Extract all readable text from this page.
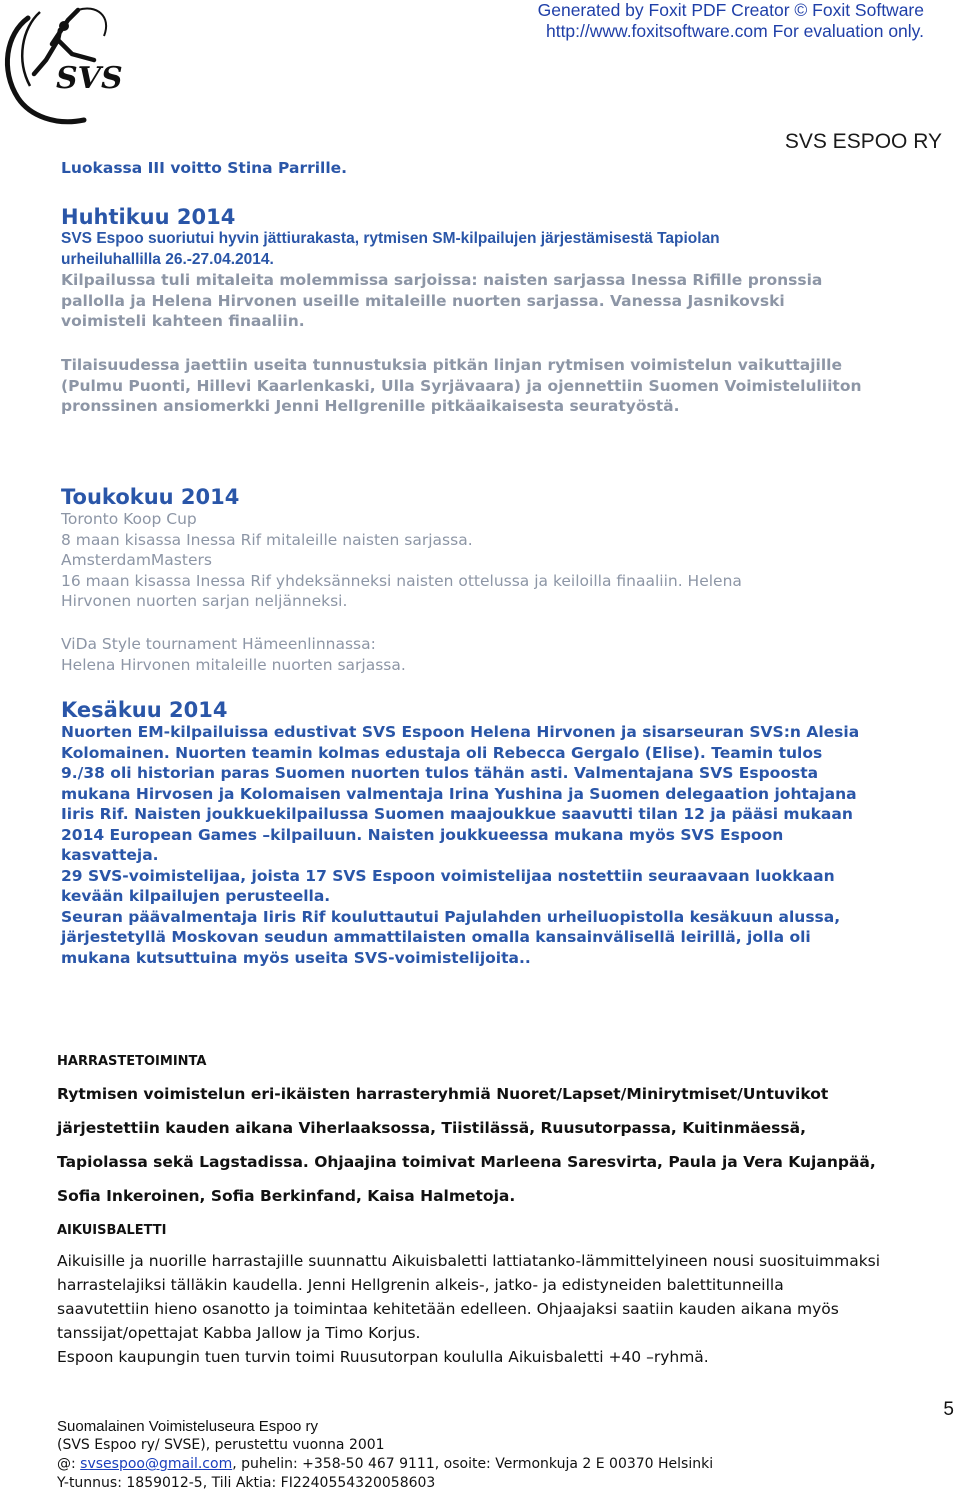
Generated by Foxit PDF Creator © Foxit Software
http://www.foxitsoftware.com For evaluation only.
SVS
SVS ESPOO RY

Luokassa III voitto Stina Parrille.

Huhtikuu 2014

SVS Espoo suoriutui hyvin jättiurakasta, rytmisen SM-kilpailujen järjestämisestä Tapiolan

urheiluhallilla 26.-27.04.2014.

Kilpailussa tuli mitaleita molemmissa sarjoissa: naisten sarjassa Inessa Rifille pronssia

pallolla ja Helena Hirvonen useille mitaleille nuorten sarjassa. Vanessa Jasnikovski

voimisteli kahteen finaaliin.

Tilaisuudessa jaettiin useita tunnustuksia pitkän linjan rytmisen voimistelun vaikuttajille

(Pulmu Puonti, Hillevi Kaarlenkaski, Ulla Syrjävaara) ja ojennettiin Suomen Voimisteluliiton

pronssinen ansiomerkki Jenni Hellgrenille pitkäaikaisesta seuratyöstä.

Toukokuu 2014

Toronto Koop Cup

8 maan kisassa Inessa Rif mitaleille naisten sarjassa.

AmsterdamMasters

16 maan kisassa Inessa Rif yhdeksänneksi naisten ottelussa ja keiloilla finaaliin. Helena

Hirvonen nuorten sarjan neljänneksi.

ViDa Style tournament Hämeenlinnassa:

Helena Hirvonen mitaleille nuorten sarjassa.

Kesäkuu 2014

Nuorten EM-kilpailuissa edustivat SVS Espoon Helena Hirvonen ja sisarseuran SVS:n Alesia

Kolomainen. Nuorten teamin kolmas edustaja oli Rebecca Gergalo (Elise). Teamin tulos

9./38 oli historian paras Suomen nuorten tulos tähän asti. Valmentajana SVS Espoosta

mukana Hirvosen ja Kolomaisen valmentaja Irina Yushina ja Suomen delegaation johtajana

Iiris Rif. Naisten joukkuekilpailussa Suomen maajoukkue saavutti tilan 12 ja pääsi mukaan

2014 European Games –kilpailuun. Naisten joukkueessa mukana myös SVS Espoon

kasvatteja.

29 SVS-voimistelijaa, joista 17 SVS Espoon voimistelijaa nostettiin seuraavaan luokkaan

kevään kilpailujen perusteella.

Seuran päävalmentaja Iiris Rif kouluttautui Pajulahden urheiluopistolla kesäkuun alussa,

järjestetyllä Moskovan seudun ammattilaisten omalla kansainvälisellä leirillä, jolla oli

mukana kutsuttuina myös useita SVS-voimistelijoita..

HARRASTETOIMINTA

Rytmisen voimistelun eri-ikäisten harrasteryhmiä Nuoret/Lapset/Minirytmiset/Untuvikot

järjestettiin kauden aikana Viherlaaksossa, Tiistilässä, Ruusutorpassa, Kuitinmäessä,

Tapiolassa sekä Lagstadissa. Ohjaajina toimivat Marleena Saresvirta, Paula ja Vera Kujanpää,

Sofia Inkeroinen, Sofia Berkinfand, Kaisa Halmetoja.

AIKUISBALETTI

Aikuisille ja nuorille harrastajille suunnattu Aikuisbaletti lattiatanko-lämmittelyineen nousi suosituimmaksi

harrastelajiksi tälläkin kaudella. Jenni Hellgrenin alkeis-, jatko- ja edistyneiden balettitunneilla

saavutettiin hieno osanotto ja toimintaa kehitetään edelleen. Ohjaajaksi saatiin kauden aikana myös

tanssijat/opettajat Kabba Jallow ja Timo Korjus.

Espoon kaupungin tuen turvin toimi Ruusutorpan koululla Aikuisbaletti +40 –ryhmä.

5

Suomalainen Voimisteluseura Espoo ry

(SVS Espoo ry/ SVSE), perustettu vuonna 2001

@: svsespoo@gmail.com, puhelin: +358-50 467 9111, osoite: Vermonkuja 2 E 00370 Helsinki

Y-tunnus: 1859012-5, Tili Aktia: FI2240554320058603
